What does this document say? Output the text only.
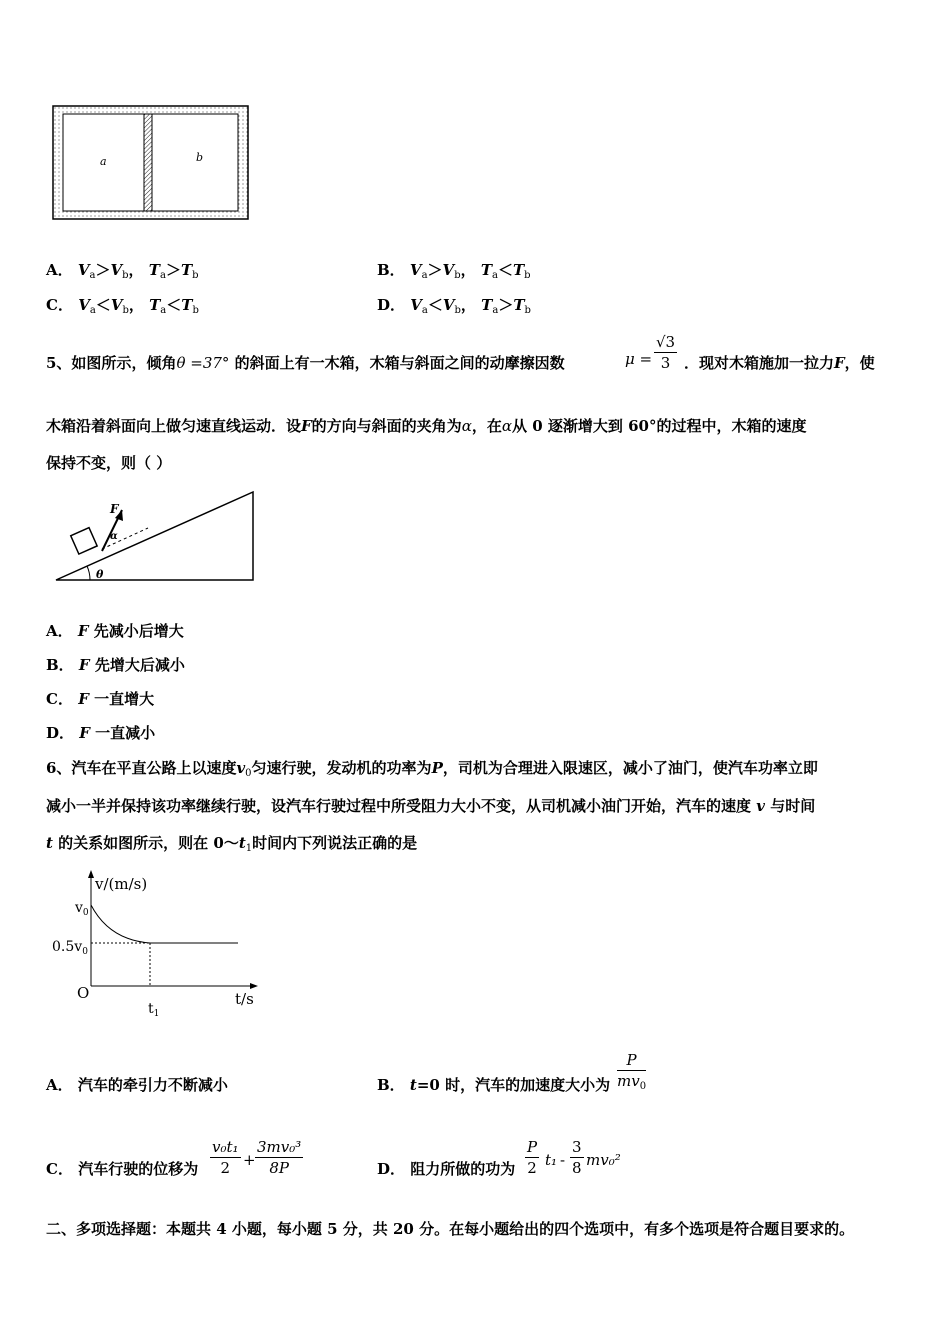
a	b
A． $V_a>V_b$， $T_a>T_b$	B． $V_a>V_b$， $T_a<T_b$
C． $V_a<V_b$， $T_a<T_b$	D． $V_a<V_b$， $T_a>T_b$
5、如图所示，倾角θ =37° 的斜面上有一木箱，木箱与斜面之间的动摩擦因数	$\mu = \frac{√3}{3}$ ．现对木箱施加一拉力F，使
木箱沿着斜面向上做匀速直线运动．设F的方向与斜面的夹角为α，在α从 0 逐渐增大到 60°的过程中，木箱的速度
保持不变，则（ ）
θ
F
α
A． F 先减小后增大
B． F 先增大后减小
C． F 一直增大
D． F 一直减小
6、汽车在平直公路上以速度$v_0$匀速行驶，发动机的功率为P，司机为合理进入限速区，减小了油门，使汽车功率立即
减小一半并保持该功率继续行驶，设汽车行驶过程中所受阻力大小不变，从司机减小油门开始，汽车的速度 v 与时间
t 的关系如图所示，则在 $0\sim t_1$时间内下列说法正确的是
v/(m/s)
$v_0$
$0.5v_0$
O
$t_1$
t/s
A． 汽车的牵引力不断减小	B． t=0 时，汽车的加速度大小为 $\frac{P}{mv_0}$
C． 汽车行驶的位移为 $\frac{\text{v₀t₁}}{2} + \frac{\text{3mv₀³}}{8P}$	D． 阻力所做的功为 $\frac{P}{2} t_1 - \frac{3}{8} mv_0^2$
二、多项选择题：本题共 4 小题，每小题 5 分，共 20 分。在每小题给出的四个选项中，有多个选项是符合题目要求的。
